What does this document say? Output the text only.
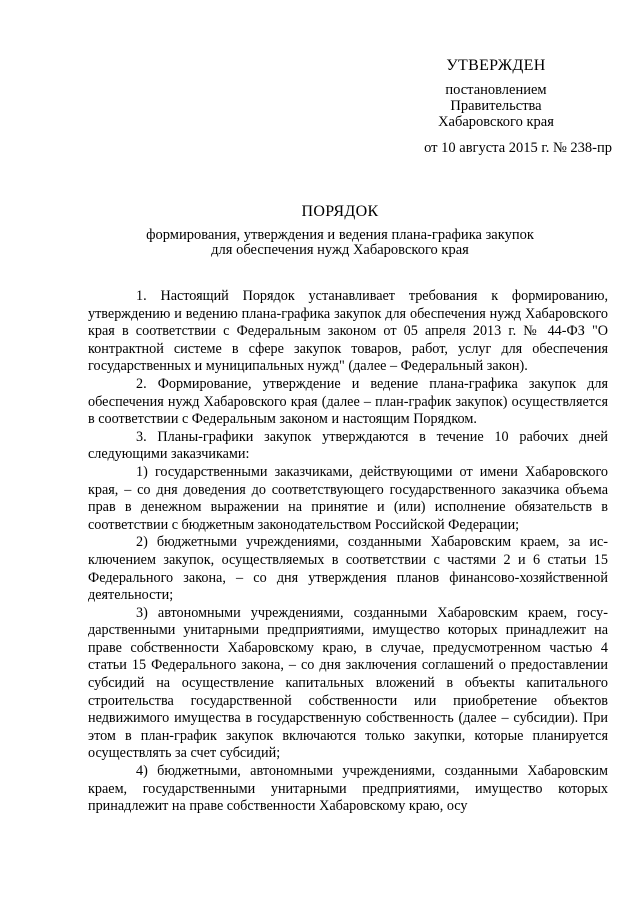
УТВЕРЖДЕН
постановлением
Правительства
Хабаровского края
от 10 августа 2015 г. № 238-пр
ПОРЯДОК
формирования, утверждения и ведения плана-графика закупок
для обеспечения нужд Хабаровского края

1. Настоящий Порядок устанавливает требования к формированию, утверждению и ведению плана-графика закупок для обеспечения нужд Хабаровского края в соответствии с Федеральным законом от 05 апреля 2013 г. № 44-ФЗ "О контрактной системе в сфере закупок товаров, работ, услуг для обеспечения государственных и муниципальных нужд" (далее – Федеральный закон).

2. Формирование, утверждение и ведение плана-графика закупок для обеспечения нужд Хабаровского края (далее – план-график закупок) осуществляется в соответствии с Федеральным законом и настоящим Порядком.

3. Планы-графики закупок утверждаются в течение 10 рабочих дней следующими заказчиками:

1) государственными заказчиками, действующими от имени Хабаровского края, – со дня доведения до соответствующего государственного заказчика объема прав в денежном выражении на принятие и (или) исполнение обязательств в соответствии с бюджетным законодательством Российской Федерации;

2) бюджетными учреждениями, созданными Хабаровским краем, за исключением закупок, осуществляемых в соответствии с частями 2 и 6 статьи 15 Федерального закона, – со дня утверждения планов финансово-хозяйственной деятельности;

3) автономными учреждениями, созданными Хабаровским краем, государственными унитарными предприятиями, имущество которых принадлежит на праве собственности Хабаровскому краю, в случае, предусмотренном частью 4 статьи 15 Федерального закона, – со дня заключения соглашений о предоставлении субсидий на осуществление капитальных вложений в объекты капитального строительства государственной собственности или приобретение объектов недвижимого имущества в государственную собственность (далее – субсидии). При этом в план-график закупок включаются только закупки, которые планируется осуществлять за счет субсидий;

4) бюджетными, автономными учреждениями, созданными Хабаровским краем, государственными унитарными предприятиями, имущество которых принадлежит на праве собственности Хабаровскому краю, осу
